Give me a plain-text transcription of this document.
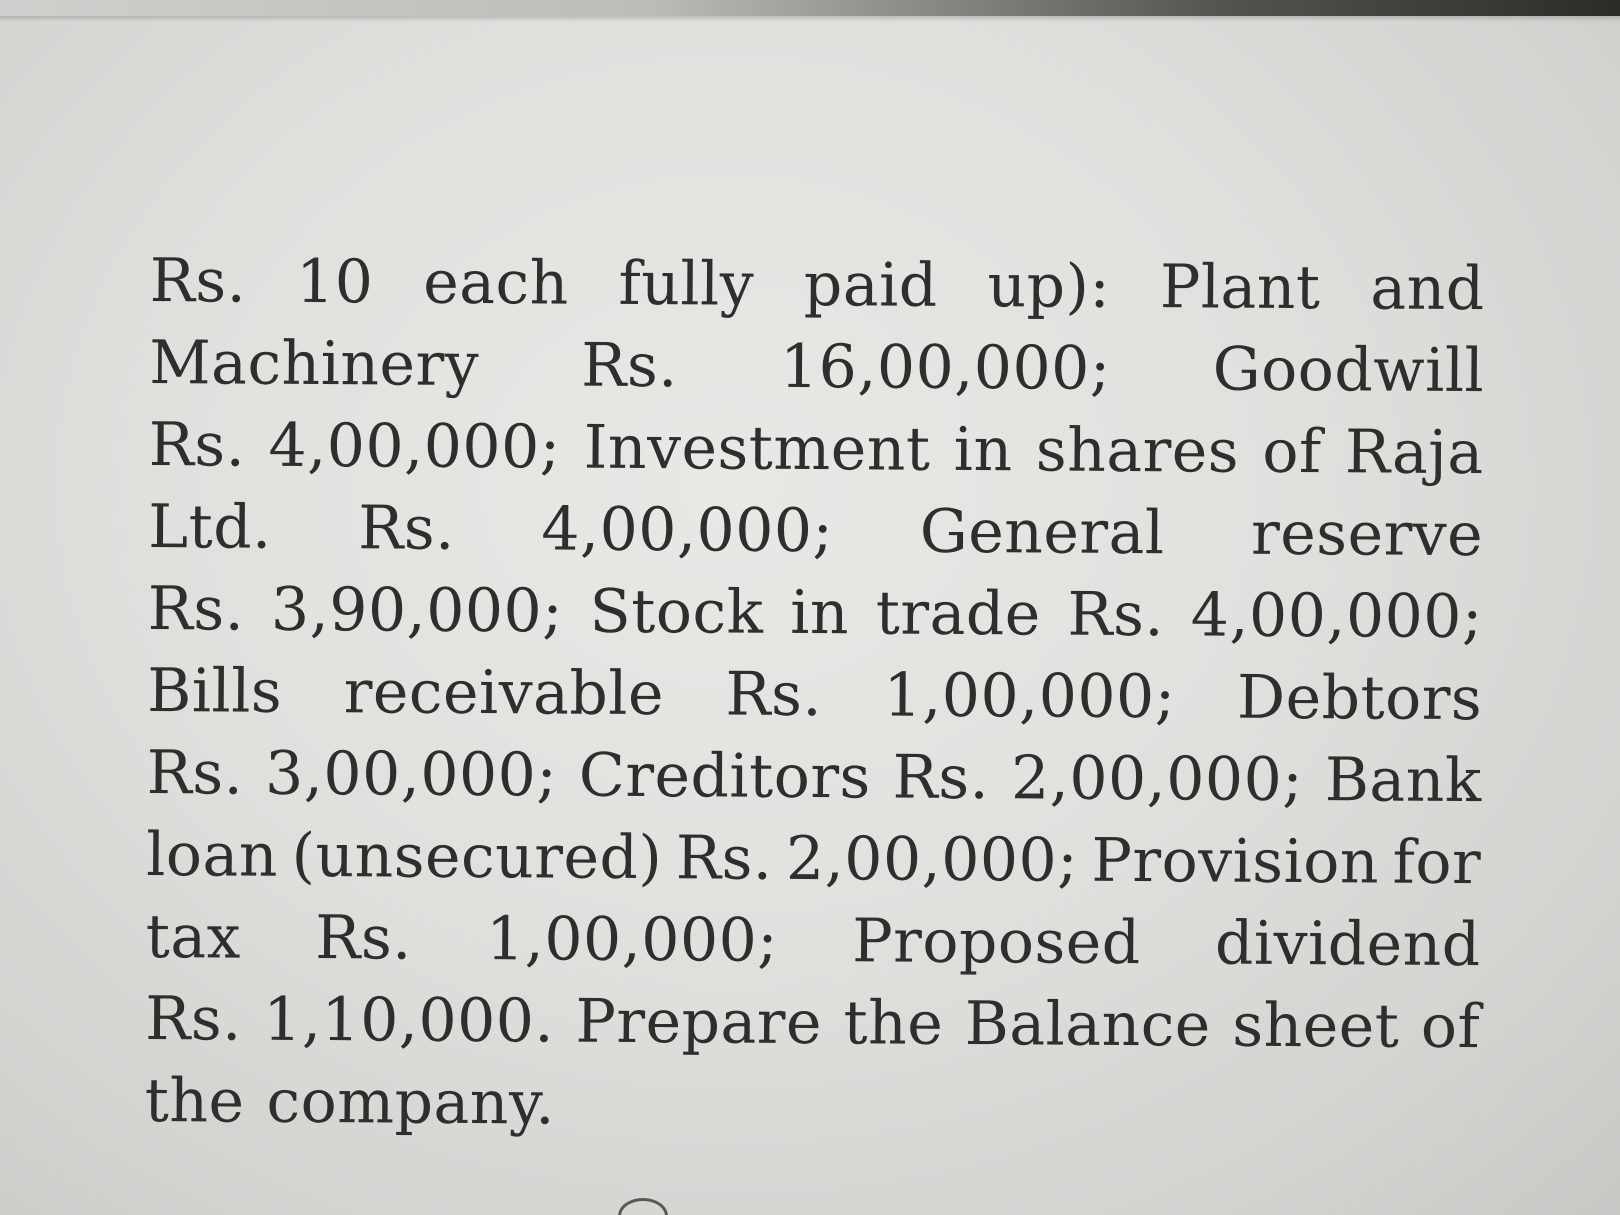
Rs. 10 each fully paid up): Plant and
Machinery Rs. 16,00,000; Goodwill
Rs. 4,00,000; Investment in shares of Raja
Ltd. Rs. 4,00,000; General reserve
Rs. 3,90,000; Stock in trade Rs. 4,00,000;
Bills receivable Rs. 1,00,000; Debtors
Rs. 3,00,000; Creditors Rs. 2,00,000; Bank
loan (unsecured) Rs. 2,00,000; Provision for
tax Rs. 1,00,000; Proposed dividend
Rs. 1,10,000. Prepare the Balance sheet of
the company.
